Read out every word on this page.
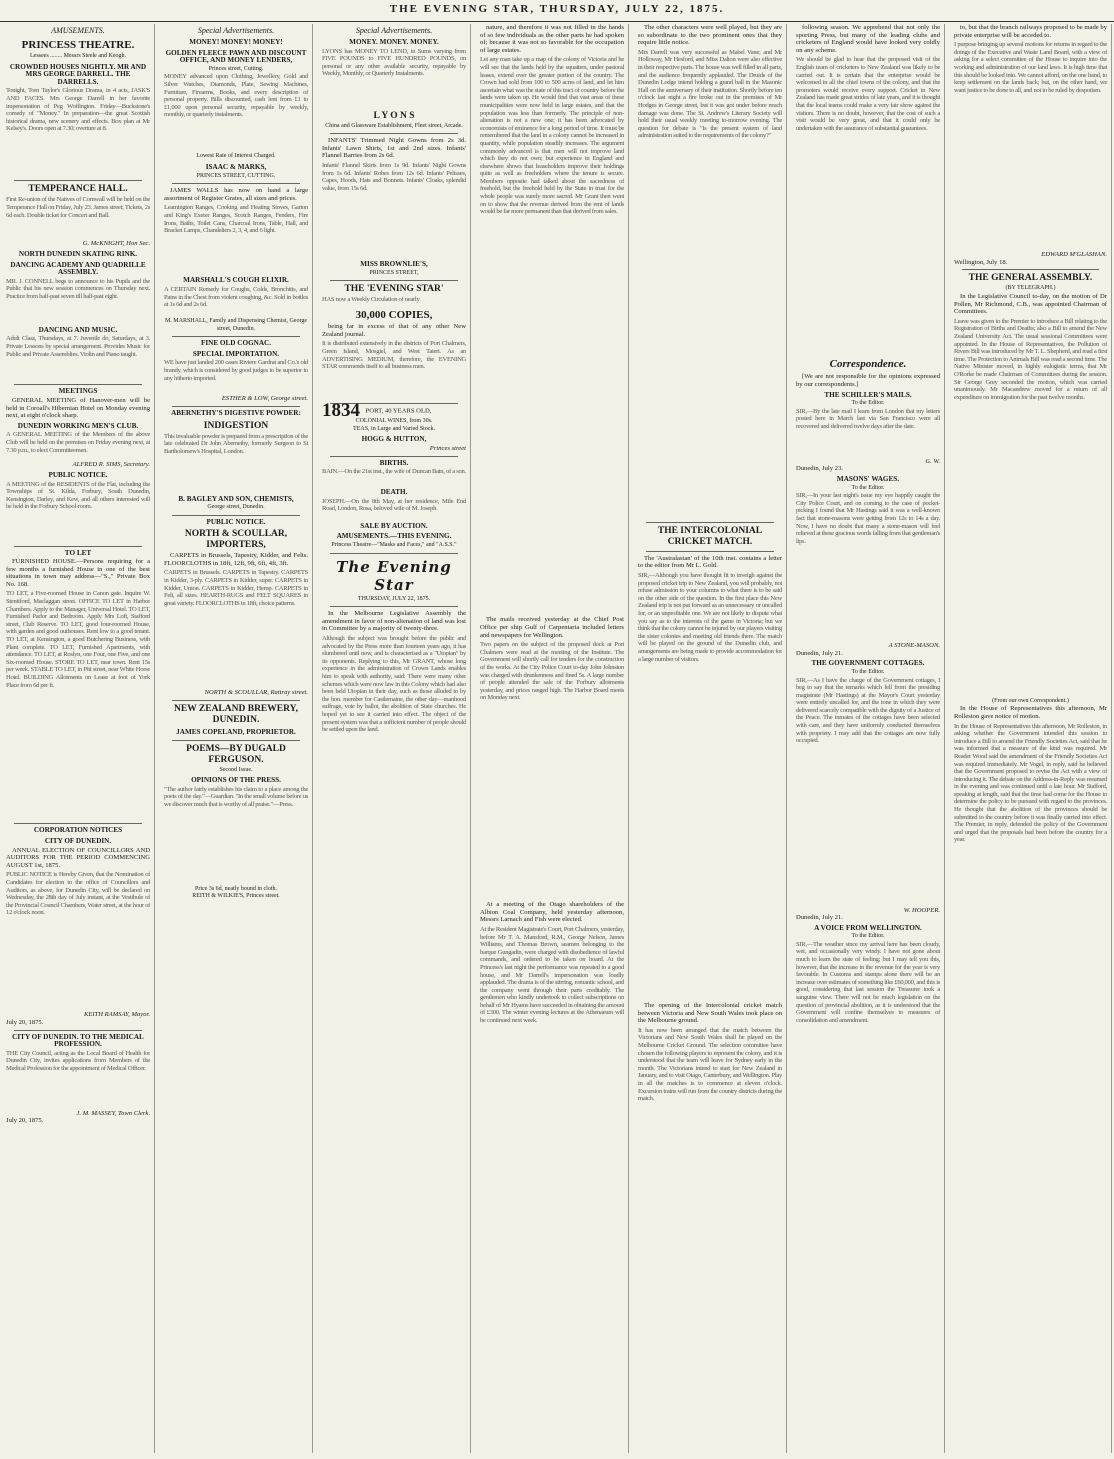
THE EVENING STAR, THURSDAY, JULY 22, 1875.
AMUSEMENTS.
PRINCESS THEATRE.
Lessees ........ Messrs Steele and Keogh.
CROWDED HOUSES NIGHTLY. MR AND MRS GEORGE DARRELL. THE DARRELLS.
Tonight, Tom Taylor's Glorious Drama, in 4 acts, JASK'S AND FACES. Mrs George Darrell in her favorite impersonation of Peg Woffington. Friday—Buckstone's comedy of "Money." In preparation—the great Scottish historical drama, new scenery and effects. Box plan at Mr Kelsey's. Doors open at 7.30; overture at 8.
TEMPERANCE HALL.
First Re-union of the Natives of Cornwall will be held on the Temperance Hall on Friday, July 23. James street; Tickets, 2s 6d each. Double ticket for Concert and Ball.
G. McKNIGHT, Hon Sec.
NORTH DUNEDIN SKATING RINK.
DANCING ACADEMY AND QUADRILLE ASSEMBLY.
MR. J. CONNELL begs to announce to his Pupils and the Public that his new session commences on Thursday next. Practice from half-past seven till half-past eight.
DANCING AND MUSIC.
Adult Class, Thursdays, at 7. Juvenile do, Saturdays, at 3. Private Lessons by special arrangement. Provides Music for Public and Private Assemblies. Violin and Piano taught.
MEETINGS
GENERAL MEETING of Hanover-men will be held in Coroall's Hibernian Hotel on Monday evening next, at eight o'clock sharp.
DUNEDIN WORKING MEN'S CLUB.
A GENERAL MEETING of the Members of the above Club will be held on the premises on Friday evening next, at 7.30 p.m., to elect Committeemen.
ALFRED R. SIMS, Secretary.
PUBLIC NOTICE.
A MEETING of the RESIDENTS of the Flat, including the Townships of St. Kilda, Forbury, South Dunedin, Kensington, Darley, and Kew, and all others interested will be held in the Forbury School-room.
TO LET
FURNISHED HOUSE.—Persons requiring for a few months a furnished House in one of the best situations in town may address—"S.," Private Box No. 168.
TO LET, a Five-roomed House in Canon gate. Inquire W. Stentiford, Maclaggan street. OFFICE TO LET in Harbor Chambers. Apply to the Manager, Universal Hotel. TO LET, Furnished Parlor and Bedroom. Apply Mrs Loft, Stafford street, Club Reserve. TO LET, good four-roomed House, with garden and good outhouses. Rent low to a good tenant. TO LET, at Kensington, a good Butchering Business, with Plant complete. TO LET, Furnished Apartments, with attendance. TO LET, at Roslyn, one Four, one Five, and one Six-roomed House. STORE TO LET, near town. Rent 15s per week. STABLE TO LET, in Pitt street, near White Horse Hotel. BUILDING Allotments on Lease at foot of York Place from 6d per ft.
CORPORATION NOTICES
CITY OF DUNEDIN.
ANNUAL ELECTION OF COUNCILLORS AND AUDITORS FOR THE PERIOD COMMENCING AUGUST 1st, 1875.
PUBLIC NOTICE is Hereby Given, that the Nomination of Candidates for election to the office of Councillors and Auditors, as above, for Dunedin City, will be declared on Wednesday, the 28th day of July instant, at the Vestibule of the Provincial Council Chambers, Water street, at the hour of 12 o'clock noon.
KEITH RAMSAY, Mayor.
July 20, 1875.
CITY OF DUNEDIN. TO THE MEDICAL PROFESSION.
THE City Council, acting as the Local Board of Health for Dunedin City, invites applications from Members of the Medical Profession for the appointment of Medical Officer.
J. M. MASSEY, Town Clerk.
July 20, 1875.
Special Advertisements.
MONEY! MONEY! MONEY!
GOLDEN FLEECE PAWN AND DISCOUNT OFFICE, AND MONEY LENDERS,
Princes street, Cutting.
MONEY advanced upon Clothing, Jewellery, Gold and Silver Watches, Diamonds, Plate, Sewing Machines, Furniture, Firearms, Books, and every description of personal property. Bills discounted, cash lent from £1 to £1,000 upon personal security, repayable by weekly, monthly, or quarterly instalments.
Lowest Rate of Interest Charged.
ISAAC & MARKS,
PRINCES STREET, CUTTING.
JAMES WALLS has now on hand a large assortment of Register Grates, all sizes and prices.
Leamington Ranges, Cooking and Heating Stoves, Garton and King's Exeter Ranges, Scotch Ranges, Fenders, Fire Irons, Baths, Toilet Cans, Charcoal Irons, Table, Hall, and Bracket Lamps, Chandeliers 2, 3, 4, and 6 light.
MARSHALL'S COUGH ELIXIR.
A CERTAIN Remedy for Coughs, Colds, Bronchitis, and Pains in the Chest from violent coughing, &c. Sold in bottles at 1s 6d and 2s 6d.
M. MARSHALL, Family and Dispensing Chemist, George street, Dunedin.
FINE OLD COGNAC.
SPECIAL IMPORTATION.
WE have just landed 200 cases Riviere Gardrat and Co.'s old brandy, which is considered by good judges to be superior to any hitherto imported.
ESTHER & LOW, George street.
ABERNETHY'S DIGESTIVE POWDER:
INDIGESTION
This invaluable powder is prepared from a prescription of the late celebrated Dr John Abernethy, formerly Surgeon to St Bartholomew's Hospital, London.
B. BAGLEY AND SON, CHEMISTS,
George street, Dunedin.
PUBLIC NOTICE.
NORTH & SCOULLAR, IMPORTERS,
CARPETS in Brussels, Tapestry, Kidder, and Felts. FLOORCLOTHS in 18ft, 12ft, 9ft, 6ft, 4ft, 3ft.
CARPETS in Brussels. CARPETS in Tapestry. CARPETS in Kidder, 3-ply. CARPETS in Kidder, super. CARPETS in Kidder, Union. CARPETS in Kidder, Hemp. CARPETS in Felt, all sizes. HEARTH-RUGS and FELT SQUARES in great variety. FLOORCLOTHS in 18ft, choice patterns.
NORTH & SCOULLAR, Rattray street.
NEW ZEALAND BREWERY, DUNEDIN.
JAMES COPELAND, PROPRIETOR.
POEMS—BY DUGALD FERGUSON.
Second Issue.
OPINIONS OF THE PRESS.
"The author fairly establishes his claim to a place among the poets of the day."—Guardian. "In the small volume before us we discover much that is worthy of all praise."—Press.
Price 3s 6d, neatly bound in cloth.
REITH & WILKIE'S, Princes street.
Special Advertisements.
MONEY. MONEY. MONEY.
LYONS has MONEY TO LEND, in Sums varying from FIVE POUNDS to FIVE HUNDRED POUNDS, on personal or any other available security, repayable by Weekly, Monthly, or Quarterly Instalments.
L Y O N S
China and Glassware Establishment, Fleet street, Arcade.
INFANTS' Trimmed Night Gowns from 2s 3d. Infants' Lawn Shirts, 1st and 2nd sizes. Infants' Flannel Barries from 2s 6d.
Infants' Flannel Skirts from 1s 9d. Infants' Night Gowns from 1s 6d. Infants' Robes from 12s 6d. Infants' Pelisses, Capes, Hoods, Hats and Bonnets. Infants' Cloaks, splendid value, from 15s 6d.
MISS BROWNLIE'S,
PRINCES STREET,
THE 'EVENING STAR'
HAS now a Weekly Circulation of nearly
30,000 COPIES,
being far in excess of that of any other New Zealand journal.
It is distributed extensively in the districts of Port Chalmers, Green Island, Mosgiel, and West Taieri. As an ADVERTISING MEDIUM, therefore, the EVENING STAR commends itself to all business men.
1834 PORT, 40 YEARS OLD,
COLONIAL WINES, from 30s.
TEAS, in Large and Varied Stock.
HOGG & HUTTON,
Princes street
BIRTHS.
BAIN.—On the 21st inst., the wife of Duncan Bain, of a son.
DEATH.
JOSEPH.—On the 8th May, at her residence, Mile End Road, London, Rosa, beloved wife of M. Joseph.
SALE BY AUCTION.
AMUSEMENTS.—THIS EVENING.
Princess Theatre—"Masks and Faces," and "A.S.S."
The Evening Star
THURSDAY, JULY 22, 1875.
In the Melbourne Legislative Assembly the amendment in favor of non-alienation of land was lost in Committee by a majority of twenty-three.
Although the subject was brought before the public and advocated by the Press more than fourteen years ago, it has slumbered until now, and is characterised as a "Utopian" by its opponents. Replying to this, Mr GRANT, whose long experience in the administration of Crown Lands enables him to speak with authority, said: There were many other schemes which were now law in this Colony which had also been held Utopian in their day, such as those alluded to by the hon. member for Castlemaine, the other day—manhood suffrage, vote by ballot, the abolition of State churches. He hoped yet to see it carried into effect. The object of the present system was that a sufficient number of people should be settled upon the land.
nature, and therefore it was not filled in the hands of so few individuals as the other parts he had spoken of; because it was not so favorable for the occupation of large estates.
Let any man take up a map of the colony of Victoria and he will see that the lands held by the squatters, under pastoral leases, extend over the greater portion of the country. The Crown had sold from 100 to 500 acres of land, and let him ascertain what was the state of this tract of country before the lands were taken up. He would find that vast areas of these municipalities were now held in large estates, and that the population was less than formerly. The principle of non-alienation is not a new one; it has been advocated by economists of eminence for a long period of time. It must be remembered that the land in a colony cannot be increased in quantity, while population steadily increases. The argument commonly advanced is that men will not improve land which they do not own; but experience in England and elsewhere shows that leaseholders improve their holdings quite as well as freeholders where the tenure is secure. Members opposite had talked about the sacredness of freehold, but the freehold held by the State in trust for the whole people was surely more sacred. Mr Grant then went on to show that the revenue derived from the rent of lands would be far more permanent than that derived from sales.
The mails received yesterday at the Chief Post Office per ship Gulf of Carpentaria included letters and newspapers for Wellington.
Two papers on the subject of the proposed dock at Port Chalmers were read at the meeting of the Institute. The Government will shortly call for tenders for the construction of the works. At the City Police Court to-day John Johnston was charged with drunkenness and fined 5s. A large number of people attended the sale of the Forbury allotments yesterday, and prices ranged high. The Harbor Board meets on Monday next.
At a meeting of the Otago shareholders of the Albion Coal Company, held yesterday afternoon, Messrs Larnach and Fish were elected.
At the Resident Magistrate's Court, Port Chalmers, yesterday, before Mr T. A. Mansford, R.M., George Nelson, James Williams, and Thomas Brown, seamen belonging to the barque Gungadin, were charged with disobedience of lawful commands, and ordered to be taken on board. At the Princess's last night the performance was repeated to a good house, and Mr Darrell's impersonation was loudly applauded. The drama is of the stirring, romantic school, and the company went through their parts creditably. The gentlemen who kindly undertook to collect subscriptions on behalf of Mr Hyams have succeeded in obtaining the amount of £300. The winter evening lectures at the Athenaeum will be continued next week.
The other characters were well played, but they are so subordinate to the two prominent ones that they require little notice.
Mrs Darrell was very successful as Mabel Vane; and Mr Holloway, Mr Hesford, and Miss Dalton were also effective in their respective parts. The house was well filled in all parts, and the audience frequently applauded. The Druids of the Dunedin Lodge intend holding a grand ball in the Masonic Hall on the anniversary of their institution. Shortly before ten o'clock last night a fire broke out in the premises of Mr Hodges in George street, but it was got under before much damage was done. The St. Andrew's Literary Society will hold their usual weekly meeting to-morrow evening. The question for debate is "Is the present system of land administration suited to the requirements of the colony?"
THE INTERCOLONIAL CRICKET MATCH.
The 'Australasian' of the 10th inst. contains a letter to the editor from Mr L. Gold.
SIR,—Although you have thought fit to inveigh against the proposed cricket trip to New Zealand, you will probably, not refuse admission to your columns to what there is to be said on the other side of the question. In the first place this New Zealand trip is not put forward as an unnecessary or uncalled for, or an unprofitable one. We are not likely to dispute what you say as to the interests of the game in Victoria; but we think that the colony cannot be injured by our players visiting the sister colonies and meeting old friends there. The match will be played on the ground of the Dunedin club, and arrangements are being made to provide accommodation for a large number of visitors.
The opening of the Intercolonial cricket match between Victoria and New South Wales took place on the Melbourne ground.
It has now been arranged that the match between the Victorians and New South Wales shall be played on the Melbourne Cricket Ground. The selection committee have chosen the following players to represent the colony, and it is understood that the team will leave for Sydney early in the month. The Victorians intend to start for New Zealand in January, and to visit Otago, Canterbury, and Wellington. Play in all the matches is to commence at eleven o'clock. Excursion trains will run from the country districts during the match.
following season. We apprehend that not only the sporting Press, but many of the leading clubs and cricketers of England would have looked very coldly on any scheme.
We should be glad to hear that the proposed visit of the English team of cricketers to New Zealand was likely to be carried out. It is certain that the enterprise would be welcomed in all the chief towns of the colony, and that the promoters would receive every support. Cricket in New Zealand has made great strides of late years, and it is thought that the local teams could make a very fair show against the visitors. There is no doubt, however, that the cost of such a visit would be very great, and that it could only be undertaken with the assurance of substantial guarantees.
Correspondence.
[We are not responsible for the opinions expressed by our correspondents.]
THE SCHILLER'S MAILS.
To the Editor.
SIR,—By the late mail I learn from London that my letters posted here in March last via San Francisco were all recovered and delivered twelve days after the date.
G. W.
Dunedin, July 23.
MASONS' WAGES.
To the Editor.
SIR,—In your last night's issue my eye happily caught the City Police Court, and on coming to the case of pocket-picking I found that Mr Hastings said it was a well-known fact that stone-masons were getting from 12s to 14s a day. Now, I have no doubt that many a stone-mason will feel relieved at these gracious words falling from that gentleman's lips.
A STONE-MASON.
Dunedin, July 21.
THE GOVERNMENT COTTAGES.
To the Editor.
SIR,—As I have the charge of the Government cottages, I beg to say that the remarks which fell from the presiding magistrate (Mr Hastings) at the Mayor's Court yesterday were entirely uncalled for, and the tone in which they were delivered scarcely compatible with the dignity of a Justice of the Peace. The inmates of the cottages have been selected with care, and they have uniformly conducted themselves with propriety. I may add that the cottages are now fully occupied.
W. HOOPER.
Dunedin, July 21.
A VOICE FROM WELLINGTON.
To the Editor.
SIR,—The weather since my arrival here has been cloudy, wet, and occasionally very windy. I have not gone about much to learn the state of feeling; but I may tell you this, however, that the increase in the revenue for the year is very favorable. In Customs and stamps alone there will be an increase over estimates of something like £60,000, and this is good, considering that last session the Treasurer took a sanguine view. There will not be much legislation on the question of provincial abolition, as it is understood that the Government will confine themselves to measures of consolidation and amendment.
to, but that the branch railways proposed to be made by private enterprise will be acceded to.
I purpose bringing up several motions for returns in regard to the doings of the Executive and Waste Land Board, with a view of asking for a select committee of the House to inquire into the working and administration of our land laws. It is high time that this should be looked into. We cannot afford, on the one hand, to keep settlement on the lands back; but, on the other hand, we want justice to be done to all, and not to be ruled by despotism.
EDWARD M'GLASHAN.
Wellington, July 18.
THE GENERAL ASSEMBLY.
(BY TELEGRAPH.)
In the Legislative Council to-day, on the motion of Dr Pollen, Mr Richmond, C.B., was appointed Chairman of Committees.
Leave was given to the Premier to introduce a Bill relating to the Registration of Births and Deaths; also a Bill to amend the New Zealand University Act. The usual sessional Committees were appointed. In the House of Representatives, the Pollution of Rivers Bill was introduced by Mr T. L. Shepherd, and read a first time. The Protection to Animals Bill was read a second time. The Native Minister moved, in highly eulogistic terms, that Mr O'Rorke be made Chairman of Committees during the session. Sir George Grey seconded the motion, which was carried unanimously. Mr Macandrew moved for a return of all expenditure on immigration for the past twelve months.
(From our own Correspondent.)
In the House of Representatives this afternoon, Mr Rolleston gave notice of motion.
In the House of Representatives this afternoon, Mr Rolleston, in asking whether the Government intended this session to introduce a Bill to amend the Friendly Societies Act, said that he was informed that a measure of the kind was required. Mr Reader Wood said the amendment of the Friendly Societies Act was required immediately. Mr Vogel, in reply, said he believed that the Government proposed to revise the Act with a view of introducing it. The debate on the Address-in-Reply was resumed in the evening and was continued until a late hour. Mr Stafford, speaking at length, said that the time had come for the House to determine the policy to be pursued with regard to the provinces. He thought that the abolition of the provinces should be submitted to the country before it was finally carried into effect. The Premier, in reply, defended the policy of the Government and urged that the proposals had been before the country for a year.
